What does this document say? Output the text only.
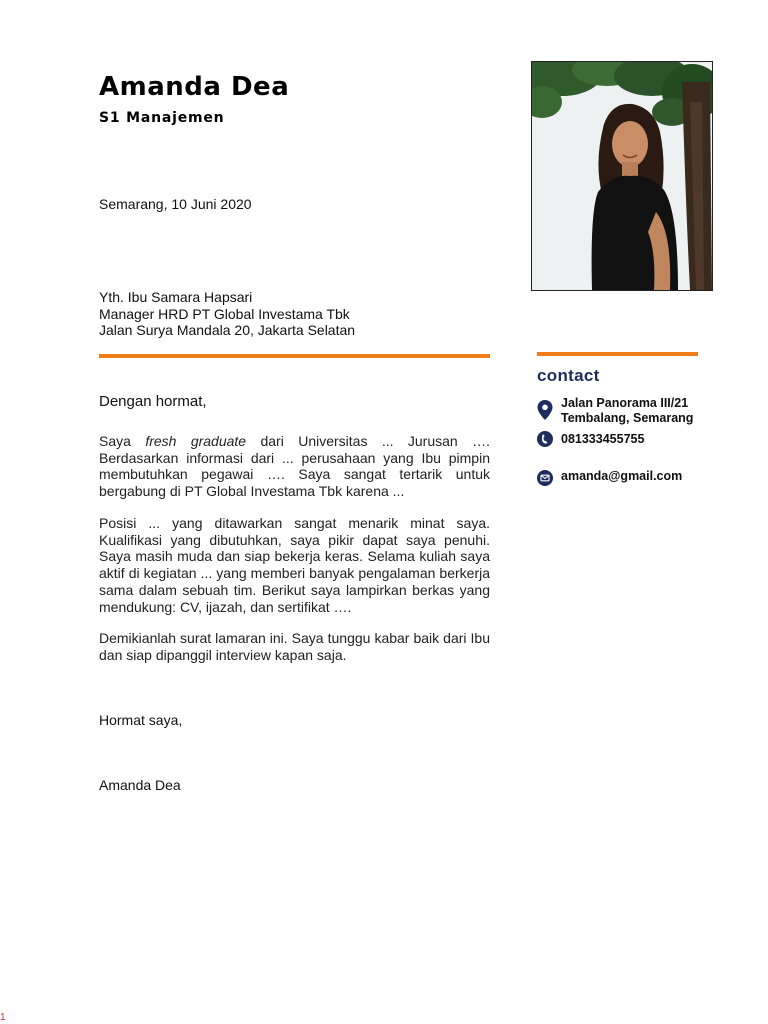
Amanda Dea
S1 Manajemen
Semarang, 10 Juni 2020
Yth. Ibu Samara Hapsari
Manager HRD PT Global Investama Tbk
Jalan Surya Mandala 20, Jakarta Selatan
Dengan hormat,
Saya fresh graduate dari Universitas ... Jurusan …. Berdasarkan informasi dari ... perusahaan yang Ibu pimpin membutuhkan pegawai …. Saya sangat tertarik untuk bergabung di PT Global Investama Tbk karena ...
Posisi ... yang ditawarkan sangat menarik minat saya. Kualifikasi yang dibutuhkan, saya pikir dapat saya penuhi. Saya masih muda dan siap bekerja keras. Selama kuliah saya aktif di kegiatan ... yang memberi banyak pengalaman berkerja sama dalam sebuah tim. Berikut saya lampirkan berkas yang mendukung: CV, ijazah, dan sertifikat ….
Demikianlah surat lamaran ini. Saya tunggu kabar baik dari Ibu dan siap dipanggil interview kapan saja.
Hormat saya,
Amanda Dea
contact
Jalan Panorama III/21
Tembalang, Semarang
081333455755
amanda@gmail.com
1
